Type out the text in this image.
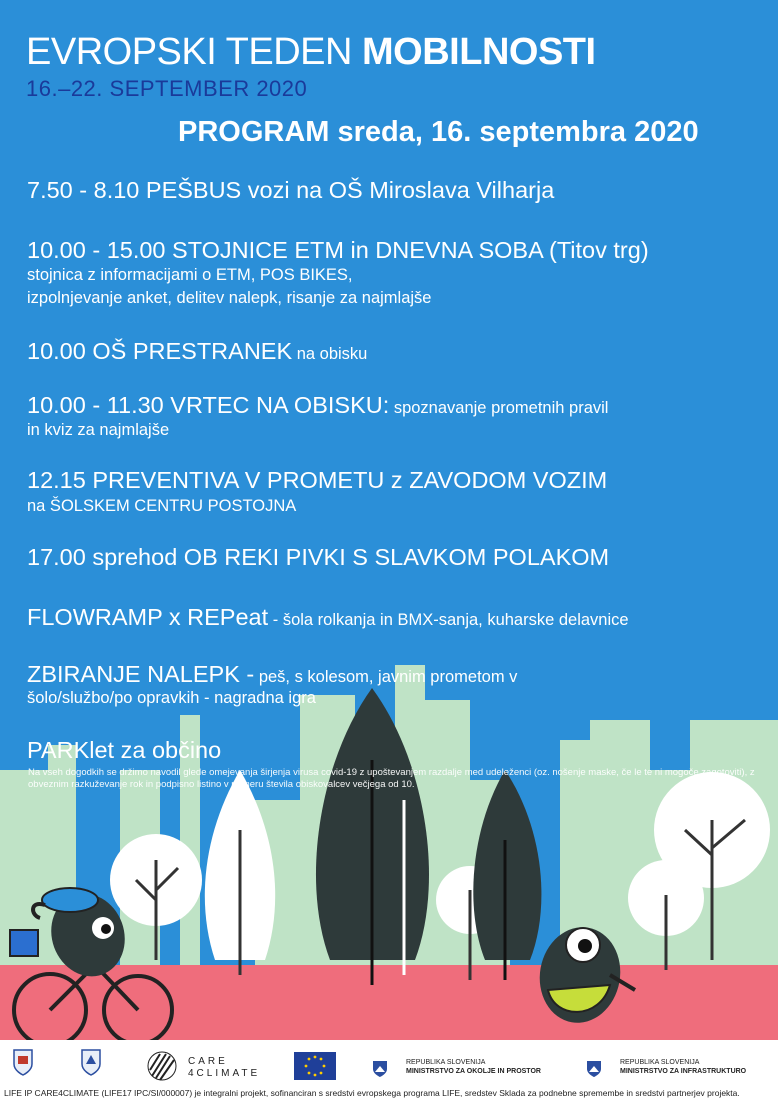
EVROPSKI TEDEN MOBILNOSTI
16.–22. SEPTEMBER 2020
PROGRAM sreda, 16. septembra 2020
7.50 - 8.10 PEŠBUS vozi na OŠ Miroslava Vilharja
10.00 - 15.00 STOJNICE ETM in DNEVNA SOBA (Titov trg)
stojnica z informacijami o ETM, POS BIKES,
izpolnjevanje anket, delitev nalepk, risanje za najmlajše
10.00 OŠ PRESTRANEK na obisku
10.00 - 11.30 VRTEC NA OBISKU: spoznavanje prometnih pravil
in kviz za najmlajše
12.15 PREVENTIVA V PROMETU z ZAVODOM VOZIM
na ŠOLSKEM CENTRU POSTOJNA
17.00 sprehod OB REKI PIVKI S SLAVKOM POLAKOM
FLOWRAMP x REPeat - šola rolkanja in BMX-sanja, kuharske delavnice
ZBIRANJE NALEPK - peš, s kolesom, javnim prometom v
šolo/službo/po opravkih - nagradna igra
PARKlet za občino
Na vseh dogodkih se držimo navodil glede omejevanja širjenja virusa covid-19 z upoštevanjem razdalje med udeleženci (oz. nošenje maske, če le te ni mogoče zagotoviti), z obveznim razkuževanje rok in podpisno listino v primeru števila obiskovalcev večjega od 10.
CARE
4CLIMATE
REPUBLIKA SLOVENIJA
MINISTRSTVO ZA OKOLJE IN PROSTOR
REPUBLIKA SLOVENIJA
MINISTRSTVO ZA INFRASTRUKTURO
LIFE IP CARE4CLIMATE (LIFE17 IPC/SI/000007) je integralni projekt, sofinanciran s sredstvi evropskega programa LIFE, sredstev Sklada za podnebne spremembe in sredstvi partnerjev projekta.
